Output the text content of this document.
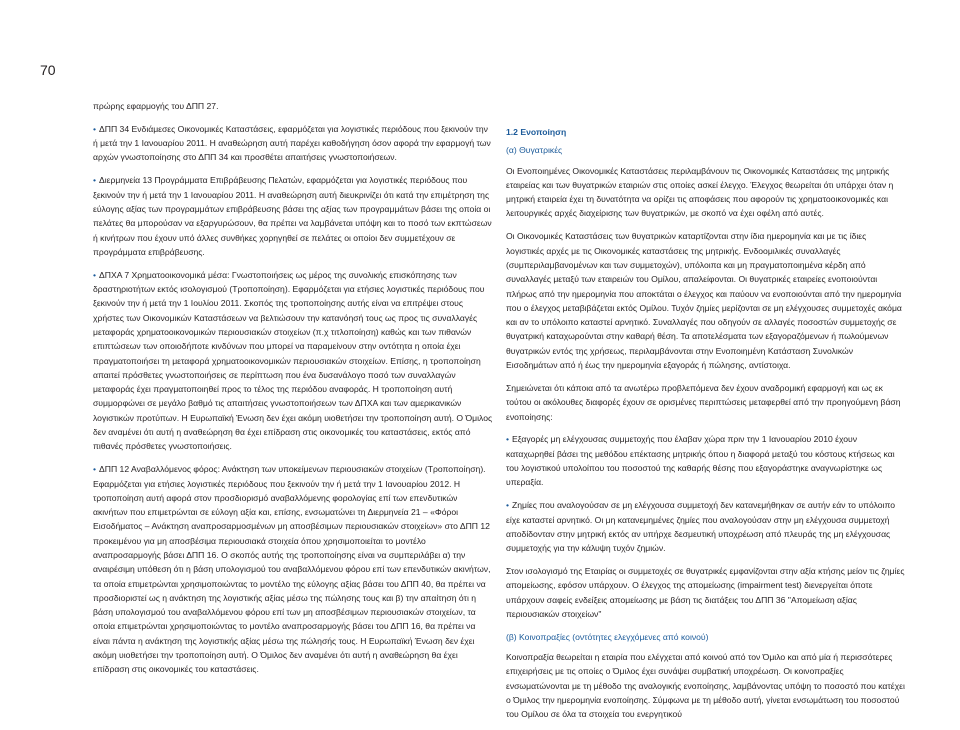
70

πρώρης εφαρμογής του ΔΠΠ 27.

• ΔΠΠ 34 Ενδιάμεσες Οικονομικές Καταστάσεις, εφαρμόζεται για λογιστικές περιόδους που ξεκινούν την ή μετά την 1 Ιανουαρίου 2011. Η αναθεώρηση αυτή παρέχει καθοδήγηση όσον αφορά την εφαρμογή των αρχών γνωστοποίησης στο ΔΠΠ 34 και προσθέτει απαιτήσεις γνωστοποιήσεων.

• Διερμηνεία 13 Προγράμματα Επιβράβευσης Πελατών, εφαρμόζεται για λογιστικές περιόδους που ξεκινούν την ή μετά την 1 Ιανουαρίου 2011. Η αναθεώρηση αυτή διευκρινίζει ότι κατά την επιμέτρηση της εύλογης αξίας των προγραμμάτων επιβράβευσης βάσει της αξίας των προγραμμάτων βάσει της οποία οι πελάτες θα μπορούσαν να εξαργυρώσουν, θα πρέπει να λαμβάνεται υπόψη και το ποσό των εκπτώσεων ή κινήτρων που έχουν υπό άλλες συνθήκες χορηγηθεί σε πελάτες οι οποίοι δεν συμμετέχουν σε προγράμματα επιβράβευσης.

• ΔΠΧΑ 7 Χρηματοοικονομικά μέσα: Γνωστοποιήσεις ως μέρος της συνολικής επισκόπησης των δραστηριοτήτων εκτός ισολογισμού (Τροποποίηση). Εφαρμόζεται για ετήσιες λογιστικές περιόδους που ξεκινούν την ή μετά την 1 Ιουλίου 2011. Σκοπός της τροποποίησης αυτής είναι να επιτρέψει στους χρήστες των Οικονομικών Καταστάσεων να βελτιώσουν την κατανόησή τους ως προς τις συναλλαγές μεταφοράς χρηματοοικονομικών περιουσιακών στοιχείων (π.χ τιτλοποίηση) καθώς και των πιθανών επιπτώσεων των οποιοδήποτε κινδύνων που μπορεί να παραμείνουν στην οντότητα η οποία έχει πραγματοποιήσει τη μεταφορά χρηματοοικονομικών περιουσιακών στοιχείων. Επίσης, η τροποποίηση απαιτεί πρόσθετες γνωστοποιήσεις σε περίπτωση που ένα δυσανάλογο ποσό των συναλλαγών μεταφοράς έχει πραγματοποιηθεί προς το τέλος της περιόδου αναφοράς. Η τροποποίηση αυτή συμμορφώνει σε μεγάλο βαθμό τις απαιτήσεις γνωστοποιήσεων των ΔΠΧΑ και των αμερικανικών λογιστικών προτύπων. Η Ευρωπαϊκή Ένωση δεν έχει ακόμη υιοθετήσει την τροποποίηση αυτή. Ο Όμιλος δεν αναμένει ότι αυτή η αναθεώρηση θα έχει επίδραση στις οικονομικές του καταστάσεις, εκτός από πιθανές πρόσθετες γνωστοποιήσεις.

• ΔΠΠ 12 Αναβαλλόμενος φόρος: Ανάκτηση των υποκείμενων περιουσιακών στοιχείων (Τροποποίηση). Εφαρμόζεται για ετήσιες λογιστικές περιόδους που ξεκινούν την ή μετά την 1 Ιανουαρίου 2012. Η τροποποίηση αυτή αφορά στον προσδιορισμό αναβαλλόμενης φορολογίας επί των επενδυτικών ακινήτων που επιμετρώνται σε εύλογη αξία και, επίσης, ενσωματώνει τη Διερμηνεία 21 – «Φόροι Εισοδήματος – Ανάκτηση αναπροσαρμοσμένων μη αποσβέσιμων περιουσιακών στοιχείων» στο ΔΠΠ 12 προκειμένου για μη αποσβέσιμα περιουσιακά στοιχεία όπου χρησιμοποιείται το μοντέλο αναπροσαρμογής βάσει ΔΠΠ 16. Ο σκοπός αυτής της τροποποίησης είναι να συμπεριλάβει α) την αναιρέσιμη υπόθεση ότι η βάση υπολογισμού του αναβαλλόμενου φόρου επί των επενδυτικών ακινήτων, τα οποία επιμετρώνται χρησιμοποιώντας το μοντέλο της εύλογης αξίας βάσει του ΔΠΠ 40, θα πρέπει να προσδιοριστεί ως η ανάκτηση της λογιστικής αξίας μέσω της πώλησης τους και β) την απαίτηση ότι η βάση υπολογισμού του αναβαλλόμενου φόρου επί των μη αποσβέσιμων περιουσιακών στοιχείων, τα οποία επιμετρώνται χρησιμοποιώντας το μοντέλο αναπροσαρμογής βάσει του ΔΠΠ 16, θα πρέπει να είναι πάντα η ανάκτηση της λογιστικής αξίας μέσω της πώλησής τους. Η Ευρωπαϊκή Ένωση δεν έχει ακόμη υιοθετήσει την τροποποίηση αυτή. Ο Όμιλος δεν αναμένει ότι αυτή η αναθεώρηση θα έχει επίδραση στις οικονομικές του καταστάσεις.

1.2 Ενοποίηση
(α) Θυγατρικές

Οι Ενοποιημένες Οικονομικές Καταστάσεις περιλαμβάνουν τις Οικονομικές Καταστάσεις της μητρικής εταιρείας και των θυγατρικών εταιριών στις οποίες ασκεί έλεγχο. Έλεγχος θεωρείται ότι υπάρχει όταν η μητρική εταιρεία έχει τη δυνατότητα να ορίζει τις αποφάσεις που αφορούν τις χρηματοοικονομικές και λειτουργικές αρχές διαχείρισης των θυγατρικών, με σκοπό να έχει οφέλη από αυτές.

Οι Οικονομικές Καταστάσεις των θυγατρικών καταρτίζονται στην ίδια ημερομηνία και με τις ίδιες λογιστικές αρχές με τις Οικονομικές καταστάσεις της μητρικής. Ενδοομιλικές συναλλαγές (συμπεριλαμβανομένων και των συμμετοχών), υπόλοιπα και μη πραγματοποιημένα κέρδη από συναλλαγές μεταξύ των εταιρειών του Ομίλου, απαλείφονται. Οι θυγατρικές εταιρείες ενοποιούνται πλήρως από την ημερομηνία που αποκτάται ο έλεγχος και παύουν να ενοποιούνται από την ημερομηνία που ο έλεγχος μεταβιβάζεται εκτός Ομίλου. Τυχόν ζημίες μερίζονται σε μη ελέγχουσες συμμετοχές ακόμα και αν το υπόλοιπο καταστεί αρνητικό. Συναλλαγές που οδηγούν σε αλλαγές ποσοστών συμμετοχής σε θυγατρική καταχωρούνται στην καθαρή θέση. Τα αποτελέσματα των εξαγοραζόμενων ή πωλούμενων θυγατρικών εντός της χρήσεως, περιλαμβάνονται στην Ενοποιημένη Κατάσταση Συνολικών Εισοδημάτων από ή έως την ημερομηνία εξαγοράς ή πώλησης, αντίστοιχα.

Σημειώνεται ότι κάποια από τα ανωτέρω προβλεπόμενα δεν έχουν αναδρομική εφαρμογή και ως εκ τούτου οι ακόλουθες διαφορές έχουν σε ορισμένες περιπτώσεις μεταφερθεί από την προηγούμενη βάση ενοποίησης:

• Εξαγορές μη ελέγχουσας συμμετοχής που έλαβαν χώρα πριν την 1 Ιανουαρίου 2010 έχουν καταχωρηθεί βάσει της μεθόδου επέκτασης μητρικής όπου η διαφορά μεταξύ του κόστους κτήσεως και του λογιστικού υπολοίπου του ποσοστού της καθαρής θέσης που εξαγοράστηκε αναγνωρίστηκε ως υπεραξία.

• Ζημίες που αναλογούσαν σε μη ελέγχουσα συμμετοχή δεν κατανεμήθηκαν σε αυτήν εάν το υπόλοιπο είχε καταστεί αρνητικό. Οι μη κατανεμημένες ζημίες που αναλογούσαν στην μη ελέγχουσα συμμετοχή αποδίδονταν στην μητρική εκτός αν υπήρχε δεσμευτική υποχρέωση από πλευράς της μη ελέγχουσας συμμετοχής για την κάλυψη τυχόν ζημιών.

Στον ισολογισμό της Εταιρίας οι συμμετοχές σε θυγατρικές εμφανίζονται στην αξία κτήσης μείον τις ζημίες απομείωσης, εφόσον υπάρχουν. Ο έλεγχος της απομείωσης (impairment test) διενεργείται όποτε υπάρχουν σαφείς ενδείξεις απομείωσης με βάση τις διατάξεις του ΔΠΠ 36 "Απομείωση αξίας περιουσιακών στοιχείων"

(β) Κοινοπραξίες (οντότητες ελεγχόμενες από κοινού)

Κοινοπραξία θεωρείται η εταιρία που ελέγχεται από κοινού από τον Όμιλο και από μία ή περισσότερες επιχειρήσεις με τις οποίες ο Όμιλος έχει συνάψει συμβατική υποχρέωση. Οι κοινοπραξίες ενσωματώνονται με τη μέθοδο της αναλογικής ενοποίησης, λαμβάνοντας υπόψη το ποσοστό που κατέχει ο Όμιλος την ημερομηνία ενοποίησης. Σύμφωνα με τη μέθοδο αυτή, γίνεται ενσωμάτωση του ποσοστού του Ομίλου σε όλα τα στοιχεία του ενεργητικού
